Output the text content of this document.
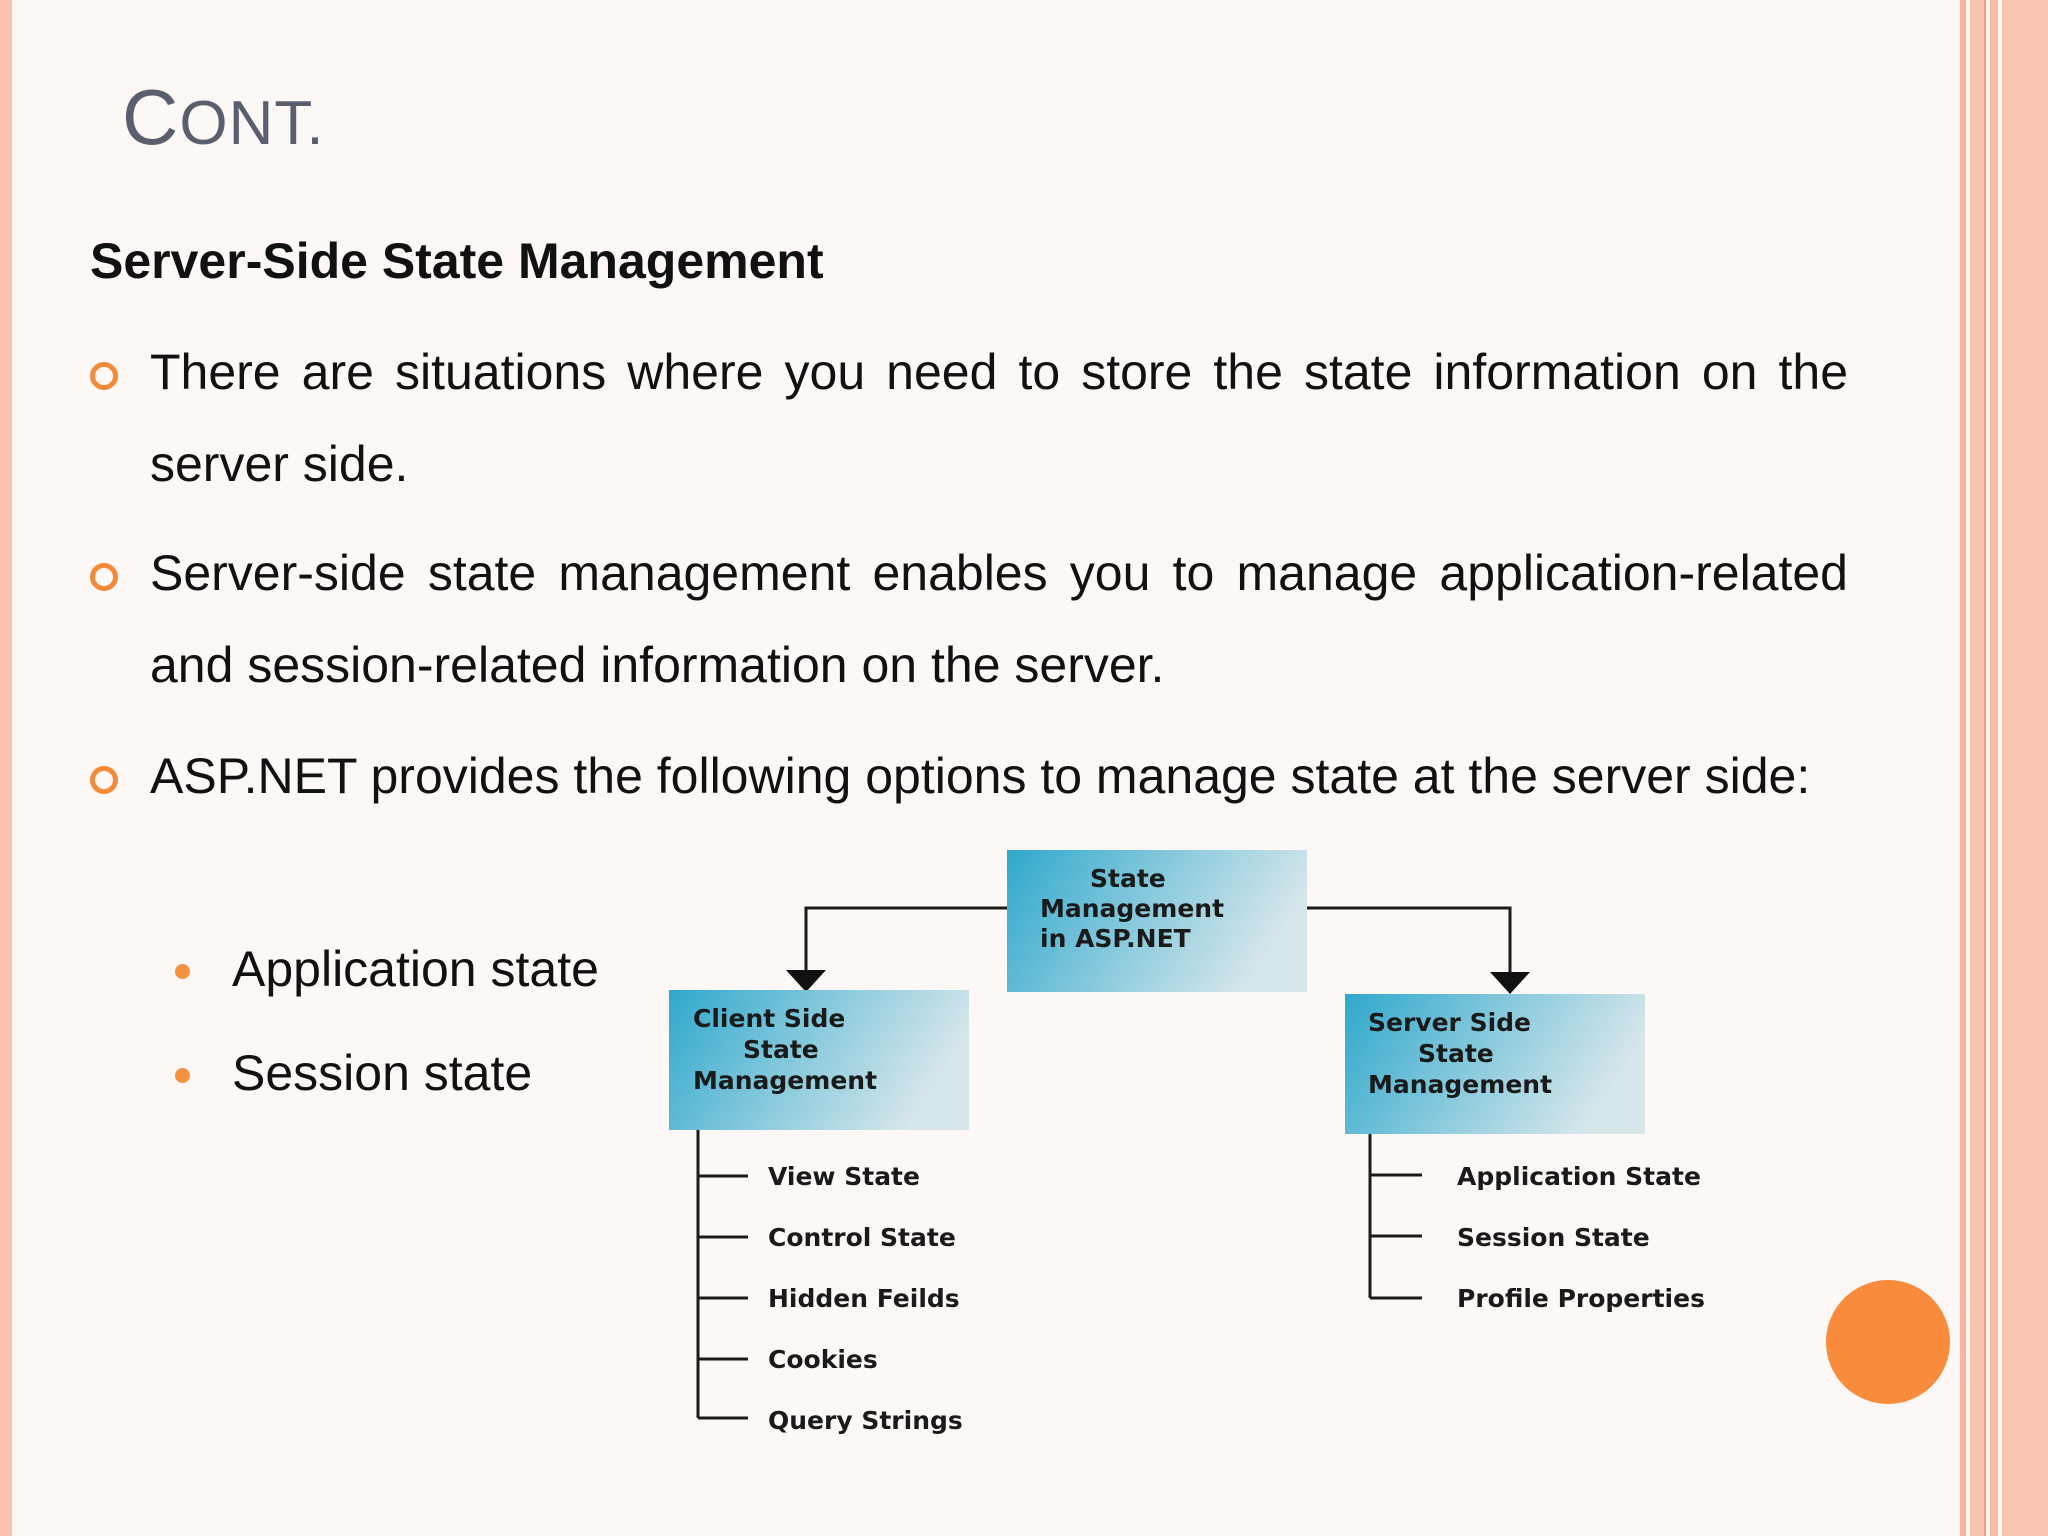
CONT.
Server-Side State Management
There are situations where you need to store the state information on the server side.
Server-side state management enables you to manage application-related and session-related information on the server.
ASP.NET provides the following options to manage state at the server side:
Application state
Session state
State
Management
in ASP.NET
Client Side
State
Management
Server Side
State
Management
View State
Control State
Hidden Feilds
Cookies
Query Strings
Application State
Session State
Profile Properties
